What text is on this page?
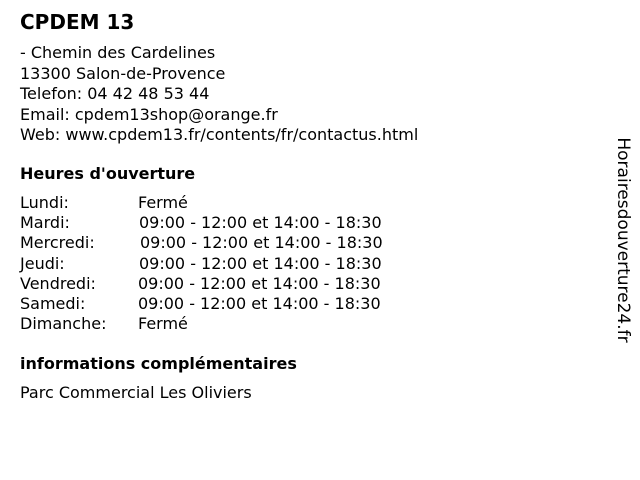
CPDEM 13
- Chemin des Cardelines
13300 Salon-de-Provence
Telefon: 04 42 48 53 44
Email: cpdem13shop@orange.fr
Web: www.cpdem13.fr/contents/fr/contactus.html
Heures d'ouverture
Lundi:	Fermé
Mardi:	09:00 - 12:00 et 14:00 - 18:30
Mercredi:	09:00 - 12:00 et 14:00 - 18:30
Jeudi:	09:00 - 12:00 et 14:00 - 18:30
Vendredi:	09:00 - 12:00 et 14:00 - 18:30
Samedi:	09:00 - 12:00 et 14:00 - 18:30
Dimanche: Fermé
informations complémentaires
Parc Commercial Les Oliviers
Horairesdouverture24.fr
